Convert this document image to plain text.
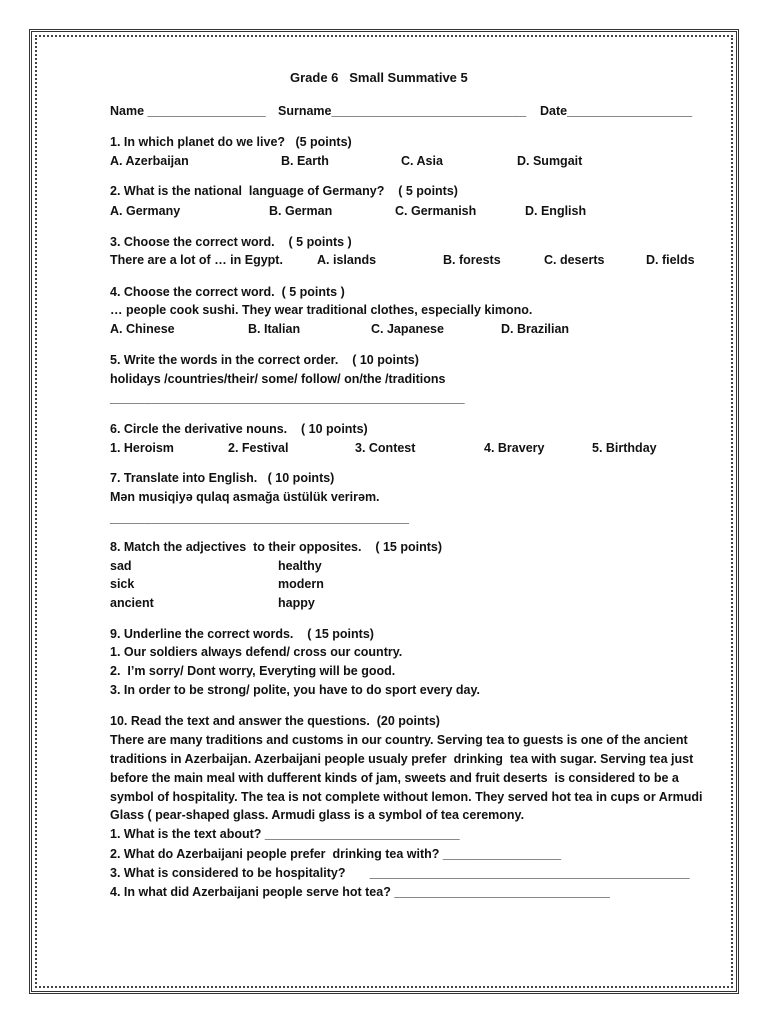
Grade 6   Small Summative 5
Name _________________ Surname____________________________ Date__________________
1. In which planet do we live?   (5 points)
A. Azerbaijan	B. Earth	C. Asia	D. Sumgait
2. What is the national  language of Germany?    ( 5 points)
A. Germany	B. German	C. Germanish	D. English
3. Choose the correct word.    ( 5 points )
There are a lot of … in Egypt.	A. islands	B. forests	C. deserts	D. fields
4. Choose the correct word.  ( 5 points )
… people cook sushi. They wear traditional clothes, especially kimono.
A. Chinese	B. Italian	C. Japanese	D. Brazilian
5. Write the words in the correct order.    ( 10 points)
holidays /countries/their/ some/ follow/ on/the /traditions
___________________________________________________
6. Circle the derivative nouns.    ( 10 points)
1. Heroism	2. Festival	3. Contest	4. Bravery	5. Birthday
7. Translate into English.   ( 10 points)
Mən musiqiyə qulaq asmağa üstülük verirəm.
___________________________________________
8. Match the adjectives  to their opposites.    ( 15 points)
sad	healthy
sick	modern
ancient	happy
9. Underline the correct words.    ( 15 points)
1. Our soldiers always defend/ cross our country.
2.  I’m sorry/ Dont worry, Everyting will be good.
3. In order to be strong/ polite, you have to do sport every day.
10. Read the text and answer the questions.  (20 points)
There are many traditions and customs in our country. Serving tea to guests is one of the ancient
traditions in Azerbaijan. Azerbaijani people usualy prefer  drinking  tea with sugar. Serving tea just
before the main meal with dufferent kinds of jam, sweets and fruit deserts  is considered to be a
symbol of hospitality. The tea is not complete without lemon. They served hot tea in cups or Armudi
Glass ( pear-shaped glass. Armudi glass is a symbol of tea ceremony.
1. What is the text about? ____________________________
2. What do Azerbaijani people prefer  drinking tea with? _________________
3. What is considered to be hospitality?       ______________________________________________
4. In what did Azerbaijani people serve hot tea? _______________________________
